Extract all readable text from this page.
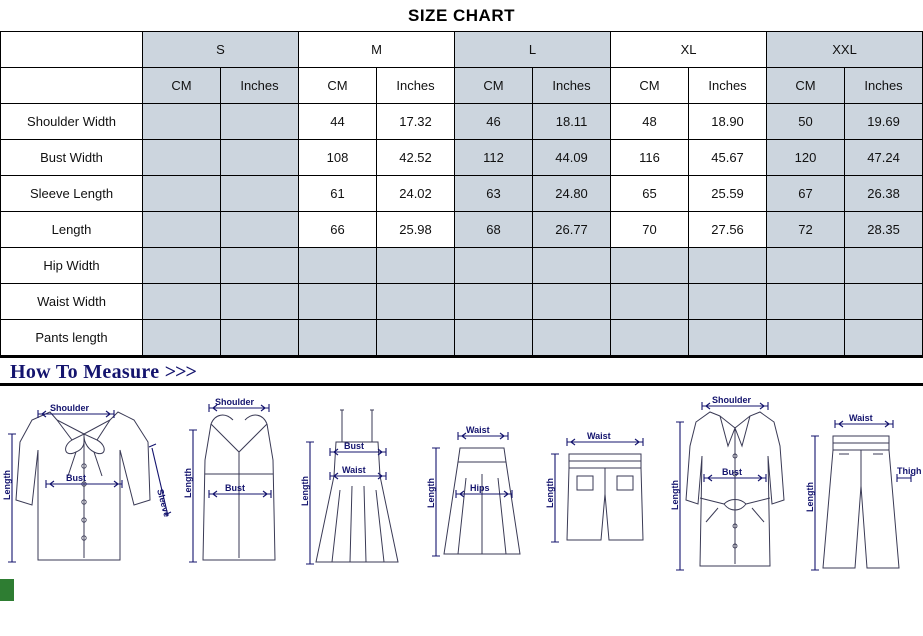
SIZE CHART
	S		M		L		XL		XXL	
	CM	Inches	CM	Inches	CM	Inches	CM	Inches	CM	Inches
Shoulder Width			44	17.32	46	18.11	48	18.90	50	19.69
Bust Width			108	42.52	112	44.09	116	45.67	120	47.24
Sleeve Length			61	24.02	63	24.80	65	25.59	67	26.38
Length			66	25.98	68	26.77	70	27.56	72	28.35
Hip Width										
Waist Width										
Pants length										
How To Measure >>>
Shoulder
Bust
Sleeve
Length
Shoulder
Bust
Length
Bust
Waist
Length
Waist
Hips
Length
Waist
Length
Shoulder
Bust
Length
Waist
Thigh
Length
